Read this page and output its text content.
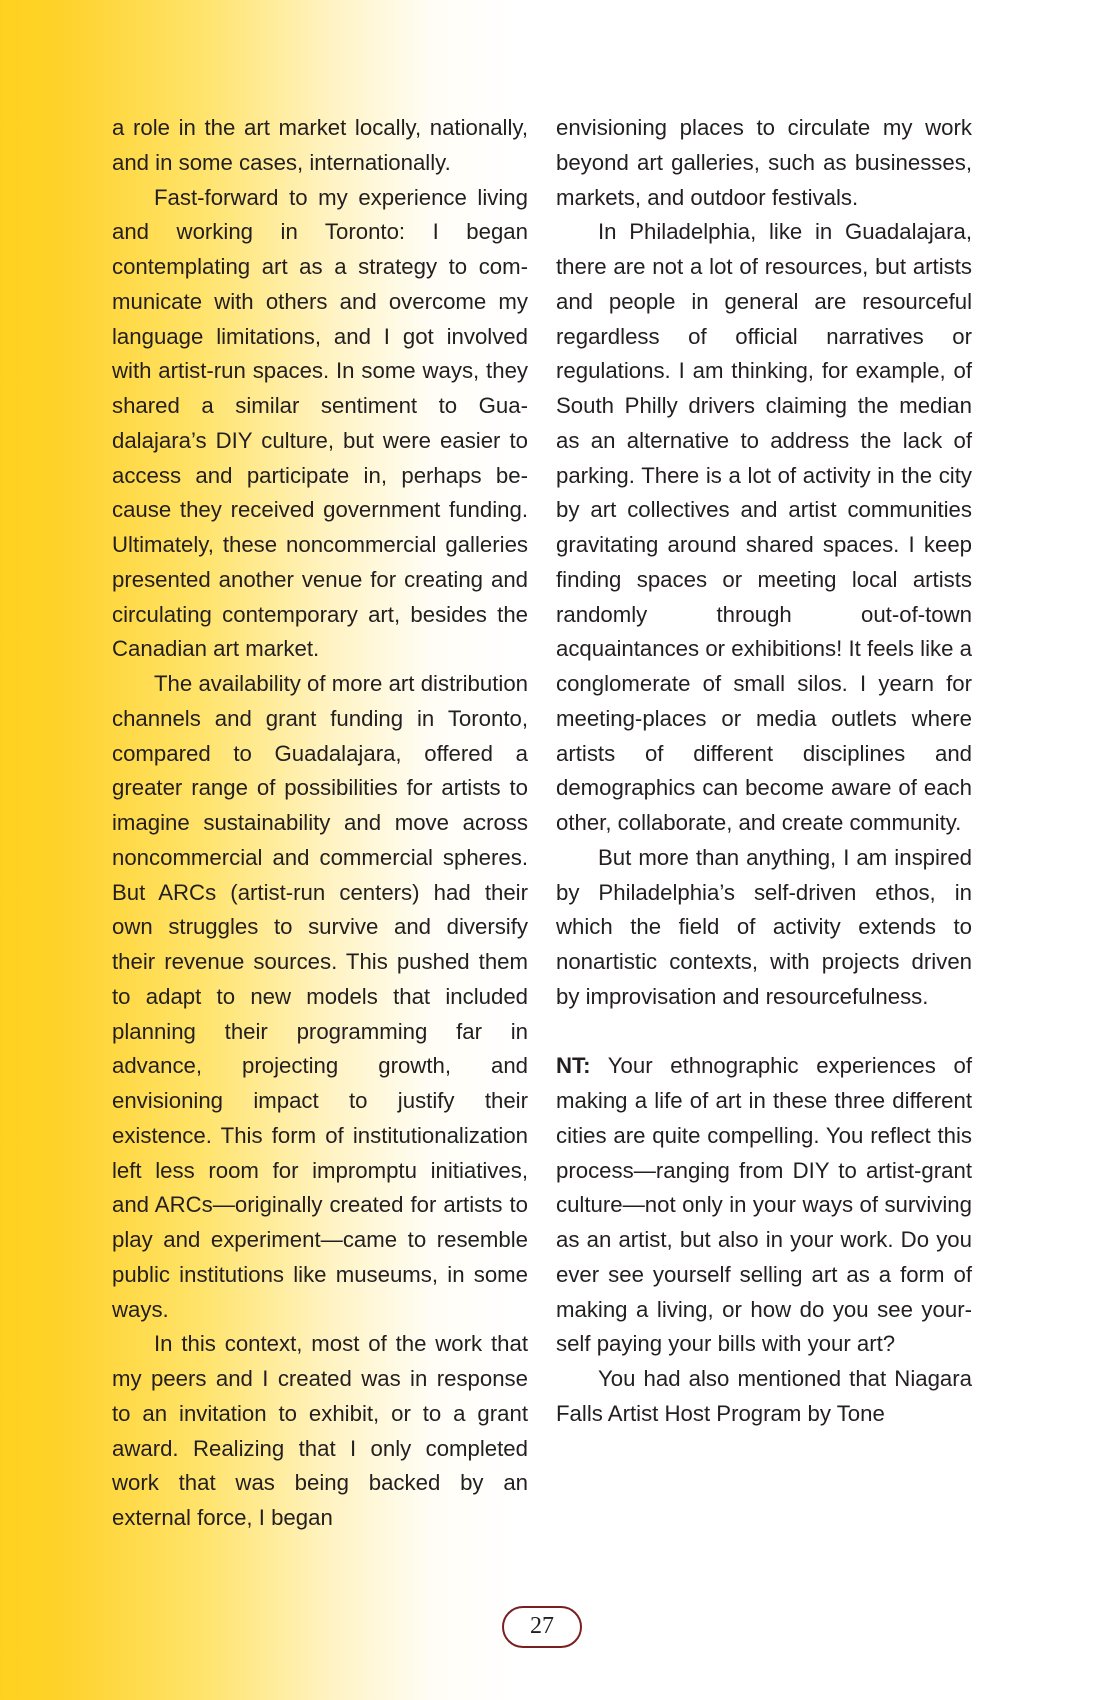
a role in the art market locally, nationally, and in some cases, internationally.

Fast-forward to my experience living and working in Toronto: I began contemplating art as a strategy to communicate with others and overcome my language limitations, and I got involved with artist-run spaces. In some ways, they shared a similar sentiment to Guadalajara’s DIY culture, but were easier to access and participate in, perhaps because they received government funding. Ultimately, these noncommercial galleries presented another venue for creating and circulating contemporary art, besides the Canadian art market.

The availability of more art distribution channels and grant funding in Toronto, compared to Guadalajara, offered a greater range of possibilities for artists to imagine sustainability and move across noncommercial and commercial spheres. But ARCs (artist-run centers) had their own struggles to survive and diversify their revenue sources. This pushed them to adapt to new models that included planning their programming far in advance, projecting growth, and envisioning impact to justify their existence. This form of institutionalization left less room for impromptu initiatives, and ARCs—originally created for artists to play and experiment—came to resemble public institutions like museums, in some ways.

In this context, most of the work that my peers and I created was in response to an invitation to exhibit, or to a grant award. Realizing that I only completed work that was being backed by an external force, I began

envisioning places to circulate my work beyond art galleries, such as businesses, markets, and outdoor festivals.

In Philadelphia, like in Guadalajara, there are not a lot of resources, but artists and people in general are resourceful regardless of official narratives or regulations. I am thinking, for example, of South Philly drivers claiming the median as an alternative to address the lack of parking. There is a lot of activity in the city by art collectives and artist communities gravitating around shared spaces. I keep finding spaces or meeting local artists randomly through out-of-town acquaintances or exhibitions! It feels like a conglomerate of small silos. I yearn for meeting-places or media outlets where artists of different disciplines and demographics can become aware of each other, collaborate, and create community.

But more than anything, I am inspired by Philadelphia’s self-driven ethos, in which the field of activity extends to nonartistic contexts, with projects driven by improvisation and resourcefulness.

NT: Your ethnographic experiences of making a life of art in these three different cities are quite compelling. You reflect this process—ranging from DIY to artist-grant culture—not only in your ways of surviving as an artist, but also in your work. Do you ever see yourself selling art as a form of making a living, or how do you see yourself paying your bills with your art?

You had also mentioned that Niagara Falls Artist Host Program by Tone

27
